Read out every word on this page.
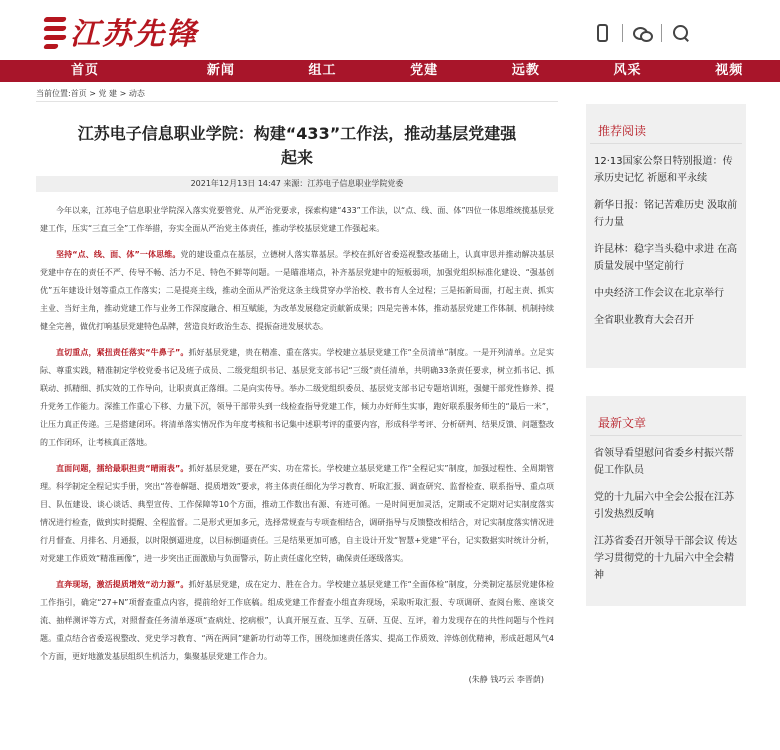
江苏先锋
首页	新闻	组工	党建	远教	风采	视频
当前位置:首页 > 党 建 > 动态
江苏电子信息职业学院：构建“433”工作法，推动基层党建强起来
2021年12月13日 14:47 来源：江苏电子信息职业学院党委

今年以来，江苏电子信息职业学院深入落实党要管党、从严治党要求，探索构建“433”工作法，以“点、线、面、体”四位一体思维统揽基层党建工作，压实“三直三全”工作举措，夯实全面从严治党主体责任，推动学校基层党建工作强起来。

坚持“点、线、面、体”一体思维。党的建设重点在基层，立德树人落实靠基层。学校在抓好省委巡视整改基础上，认真审思并推动解决基层党建中存在的责任不严、传导不畅、活力不足、特色不鲜等问题。一是瞄准堵点，补齐基层党建中的短板弱项，加强党组织标准化建设、“强基创优”五年建设计划等重点工作落实；二是提亮主线，推动全面从严治党这条主线贯穿办学治校、教书育人全过程；三是拓新局面，打起主责、抓实主业、当好主角，推动党建工作与业务工作深度融合、相互赋能，为改革发展稳定贡献新成果；四是完善本体，推动基层党建工作体制、机制持续健全完善，做优打响基层党建特色品牌，营造良好政治生态、提振奋进发展状态。

直切重点，紧扭责任落实“牛鼻子”。抓好基层党建，贵在精准、重在落实。学校建立基层党建工作“全员清单”制度。一是开列清单。立足实际、尊重实践，精准制定学校党委书记及班子成员、二级党组织书记、基层党支部书记“三级”责任清单，共明确33条责任要求，树立抓书记、抓联动、抓精细、抓实效的工作导向，让职责真正落细。二是向实传导。举办二级党组织委员、基层党支部书记专题培训班，强健干部党性修养、提升党务工作能力。深推工作重心下移、力量下沉，领导干部带头到一线检查指导党建工作，倾力办好师生实事，跑好联系服务师生的“最后一米”，让压力真正传递。三是搭建闭环。将清单落实情况作为年度考核和书记集中述职考评的重要内容，形成科学考评、分析研判、结果反馈、问题整改的工作闭环，让考核真正落地。

直面问题，擂给最职担责“晴雨表”。抓好基层党建，要在严实、功在常长。学校建立基层党建工作“全程记实”制度，加强过程性、全周期管理。科学制定全程记实手册，突出“答卷解题、提质增效”要求，将主体责任细化为学习教育、听取汇报、调查研究、监督检查、联系指导、重点项目、队伍建设、谈心谈话、典型宣传、工作保障等10个方面，推动工作数出有源、有迹可循。一是时间更加灵活，定期或不定期对记实制度落实情况进行检查，做到实时提醒、全程监督。二是形式更加多元，选择常规查与专项查相结合，调研指导与反馈整改相结合，对记实制度落实情况进行月督查、月排名、月通报，以时限倒逼进度，以目标倒逼责任。三是结果更加可感，自主设计开发“智慧+党建”平台，记实数据实时统计分析，对党建工作质效“精准画像”，进一步突出正面激励与负面警示，防止责任虚化空转，确保责任逐级落实。

直奔现场，激活提质增效“动力源”。抓好基层党建，成在定力、胜在合力。学校建立基层党建工作“全面体检”制度，分类制定基层党建体检工作指引，确定“27+N”项督查重点内容，提前给好工作底稿。组成党建工作督查小组直奔现场，采取听取汇报、专项调研、查阅台账、座谈交流、抽样测评等方式，对照督查任务清单逐项“查病灶、挖病根”，认真开展互查、互学、互研、互促、互评，着力发现存在的共性问题与个性问题。重点结合省委巡视整改、党史学习教育、“两在两同”建新功行动等工作，围绕加速责任落实、提高工作质效、淬炼创优精神，形成赶超风气4个方面，更好地激发基层组织生机活力，集聚基层党建工作合力。

(朱静 钱巧云 李晋荫)
推荐阅读
12·13国家公祭日特别报道：传承历史记忆 祈愿和平永续
新华日报：铭记苦难历史 汲取前行力量
许昆林：稳字当头稳中求进 在高质量发展中坚定前行
中央经济工作会议在北京举行
全省职业教育大会召开
最新文章
省领导看望慰问省委乡村振兴帮促工作队员
党的十九届六中全会公报在江苏引发热烈反响
江苏省委召开领导干部会议 传达学习贯彻党的十九届六中全会精神
